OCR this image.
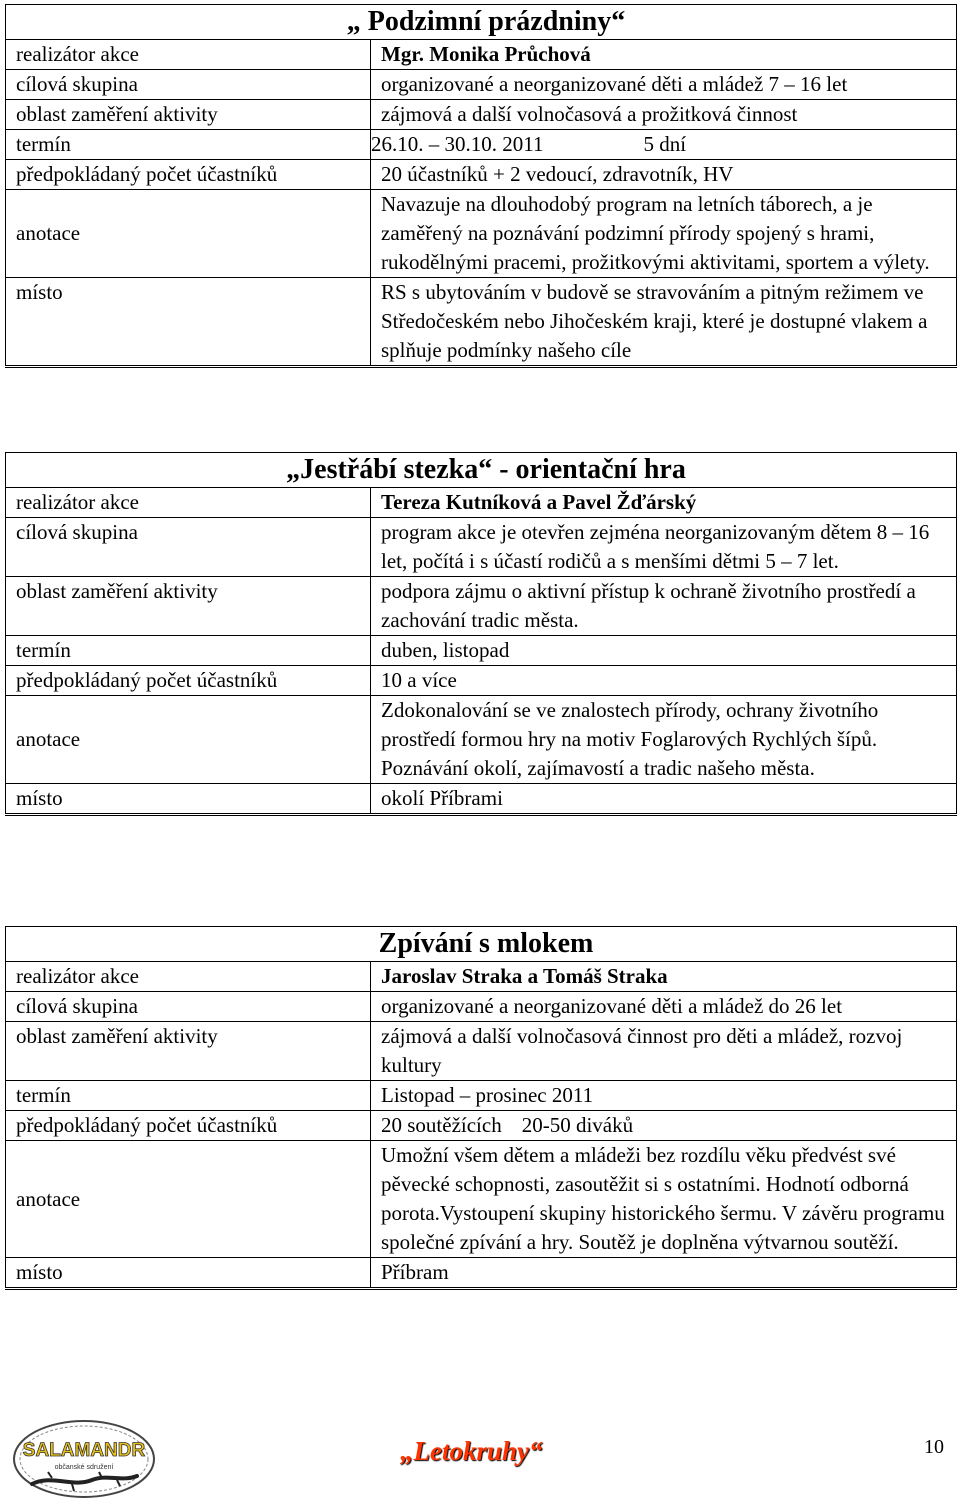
„ Podzimní prázdniny“	
realizátor akce	Mgr. Monika Průchová
cílová skupina	organizované a neorganizované děti a mládež 7 – 16 let
oblast zaměření aktivity	zájmová a další volnočasová a prožitková činnost
termín	26.10. – 30.10. 2011 5 dní
předpokládaný počet účastníků	20 účastníků + 2 vedoucí, zdravotník, HV
anotace	Navazuje na dlouhodobý program na letních táborech, a je zaměřený na poznávání podzimní přírody spojený s hrami, rukodělnými pracemi, prožitkovými aktivitami, sportem a výlety.
místo	RS s ubytováním v budově se stravováním a pitným režimem ve Středočeském nebo Jihočeském kraji, které je dostupné vlakem a splňuje podmínky našeho cíle
„Jestřábí stezka“ - orientační hra	
realizátor akce	Tereza Kutníková a Pavel Žďárský
cílová skupina	program akce je otevřen zejména neorganizovaným dětem 8 – 16 let, počítá i s účastí rodičů a s menšími dětmi 5 – 7 let.
oblast zaměření aktivity	podpora zájmu o aktivní přístup k ochraně životního prostředí a zachování tradic města.
termín	duben, listopad
předpokládaný počet účastníků	10 a více
anotace	Zdokonalování se ve znalostech přírody, ochrany životního prostředí formou hry na motiv Foglarových Rychlých šípů. Poznávání okolí, zajímavostí a tradic našeho města.
místo	okolí Příbrami
Zpívání s mlokem	
realizátor akce	Jaroslav Straka a Tomáš Straka
cílová skupina	organizované a neorganizované děti a mládež do 26 let
oblast zaměření aktivity	zájmová a další volnočasová činnost pro děti a mládež, rozvoj kultury
termín	Listopad – prosinec 2011
předpokládaný počet účastníků	20 soutěžících 20-50 diváků
anotace	Umožní všem dětem a mládeži bez rozdílu věku předvést své pěvecké schopnosti, zasoutěžit si s ostatními. Hodnotí odborná porota.Vystoupení skupiny historického šermu. V závěru programu společné zpívání a hry. Soutěž je doplněna výtvarnou soutěží.
místo	Příbram
SALAMANDR
občanské sdružení
„Letokruhy“	10
